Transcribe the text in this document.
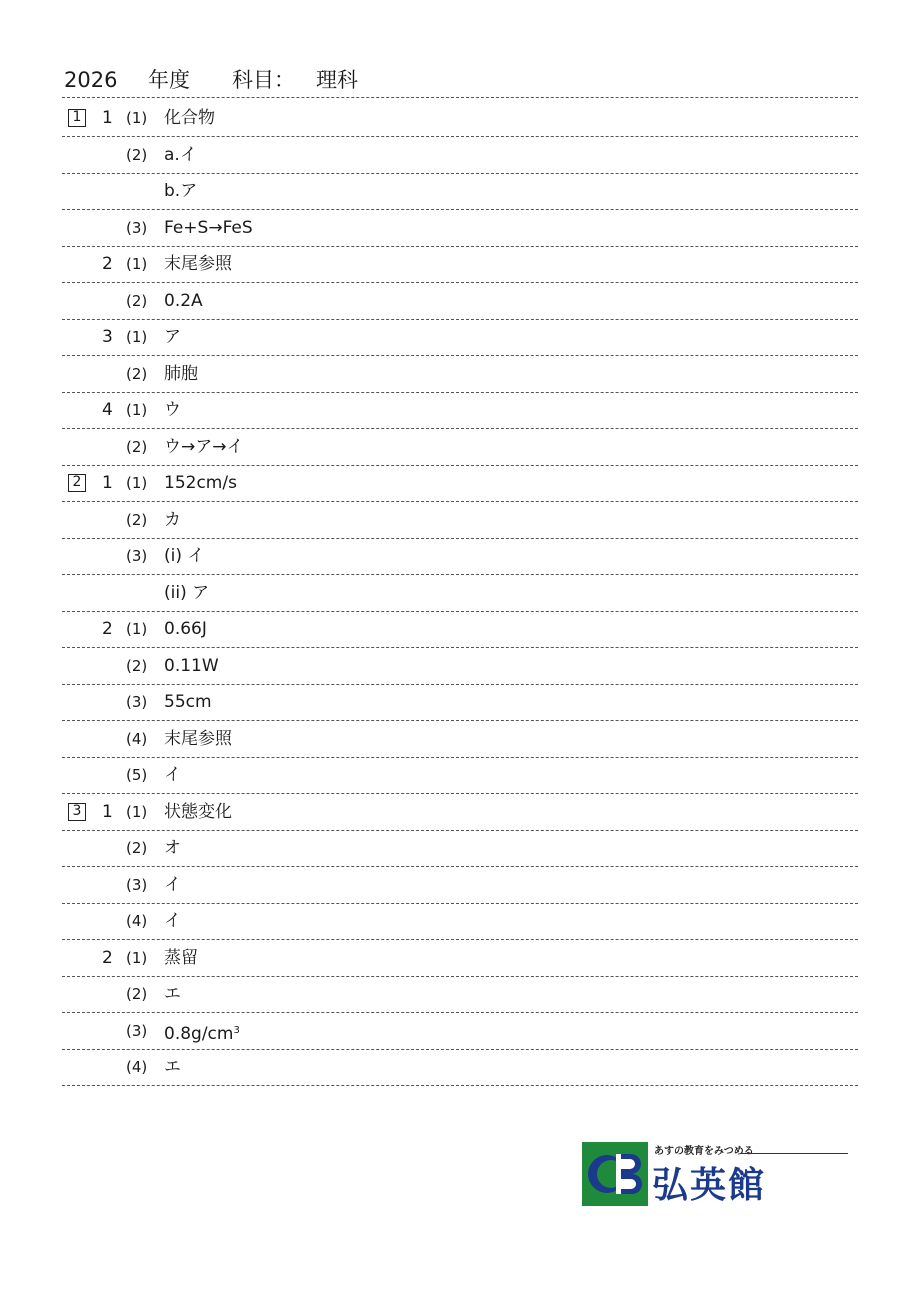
2026 年度 科目： 理科
1 1 (1) 化合物
(2) a.イ
b.ア
(3) Fe+S→FeS
2 (1) 末尾参照
(2) 0.2A
3 (1) ア
(2) 肺胞
4 (1) ウ
(2) ウ→ア→イ
2 1 (1) 152cm/s
(2) カ
(3) (i) イ
(ii) ア
2 (1) 0.66J
(2) 0.11W
(3) 55cm
(4) 末尾参照
(5) イ
3 1 (1) 状態変化
(2) オ
(3) イ
(4) イ
2 (1) 蒸留
(2) エ
(3) $0.8g/cm^3$
(4) エ
あすの教育をみつめる
弘英館
